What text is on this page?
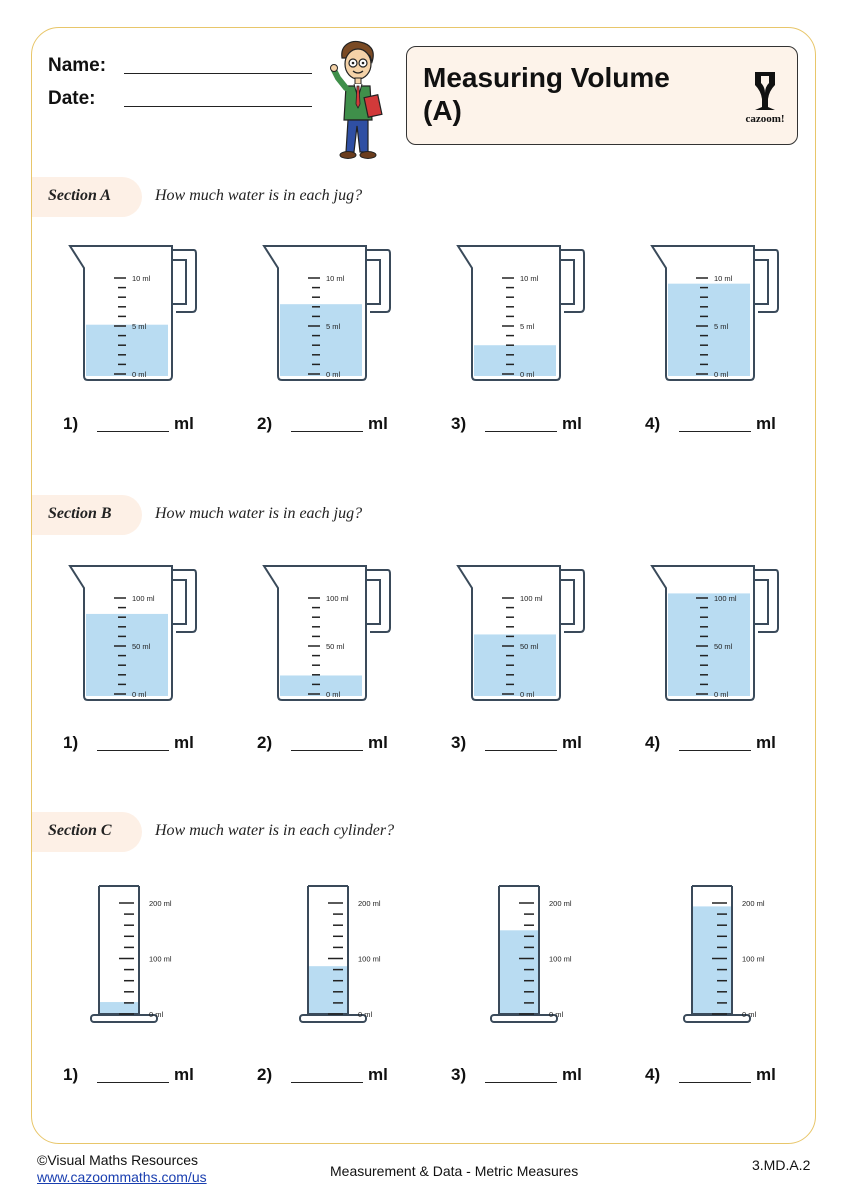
Name:
Date:
Measuring Volume (A)	cazoom!
Section A	How much water is in each jug?
Section B	How much water is in each jug?
Section C	How much water is in each cylinder?
10 ml
5 ml
0 ml
10 ml
5 ml
0 ml
10 ml
5 ml
0 ml
10 ml
5 ml
0 ml
100 ml
50 ml
0 ml
100 ml
50 ml
0 ml
100 ml
50 ml
0 ml
100 ml
50 ml
0 ml
200 ml
100 ml
0 ml
200 ml
100 ml
0 ml
200 ml
100 ml
0 ml
200 ml
100 ml
0 ml
1)	ml	2)	ml	3)	ml	4)	ml
1)	ml	2)	ml	3)	ml	4)	ml
1)	ml	2)	ml	3)	ml	4)	ml
©Visual Maths Resources
www.cazoommaths.com/us	Measurement & Data - Metric Measures	3.MD.A.2
